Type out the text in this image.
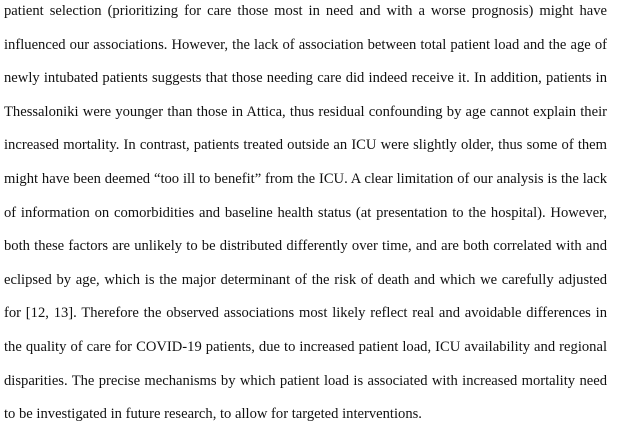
patient selection (prioritizing for care those most in need and with a worse prognosis) might have
influenced our associations. However, the lack of association between total patient load and the age of
newly intubated patients suggests that those needing care did indeed receive it. In addition, patients in
Thessaloniki were younger than those in Attica, thus residual confounding by age cannot explain their
increased mortality. In contrast, patients treated outside an ICU were slightly older, thus some of them
might have been deemed “too ill to benefit” from the ICU. A clear limitation of our analysis is the lack
of information on comorbidities and baseline health status (at presentation to the hospital). However,
both these factors are unlikely to be distributed differently over time, and are both correlated with and
eclipsed by age, which is the major determinant of the risk of death and which we carefully adjusted
for [12, 13]. Therefore the observed associations most likely reflect real and avoidable differences in
the quality of care for COVID-19 patients, due to increased patient load, ICU availability and regional
disparities. The precise mechanisms by which patient load is associated with increased mortality need
to be investigated in future research, to allow for targeted interventions.
